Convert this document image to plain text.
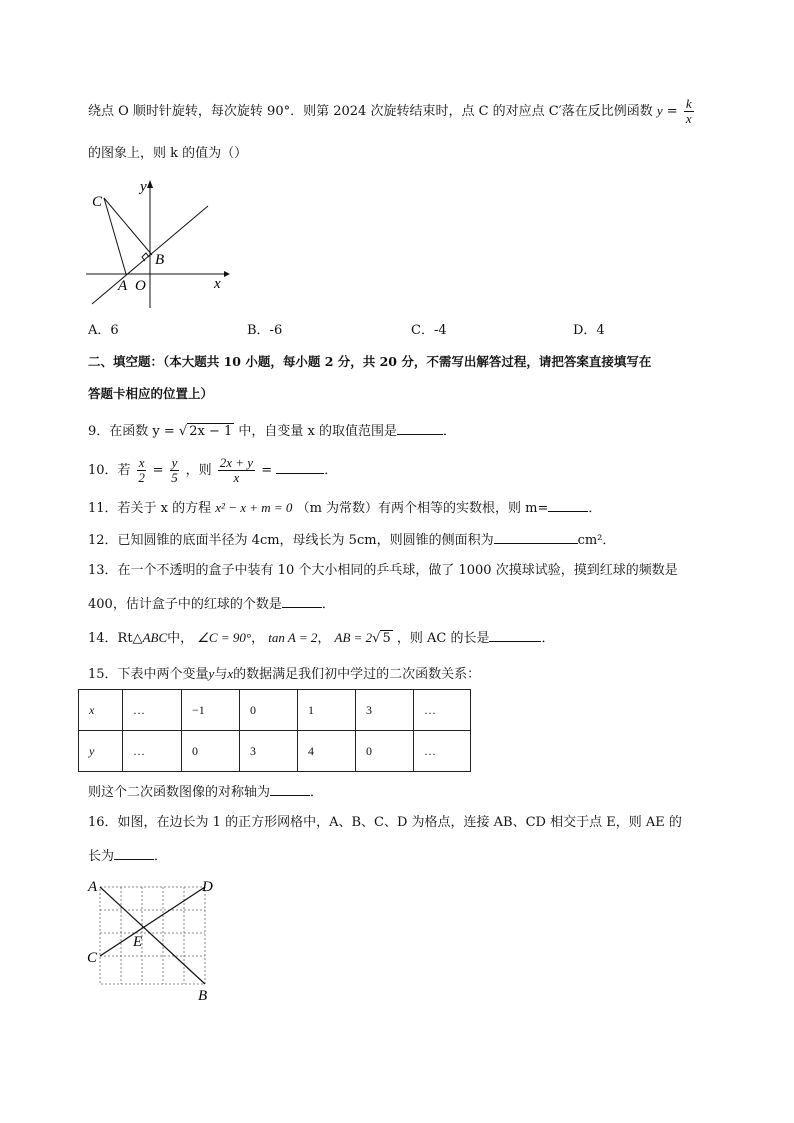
绕点 O 顺时针旋转，每次旋转 90°．则第 2024 次旋转结束时，点 C 的对应点 C′落在反比例函数 $y = \frac{k}{x}$
的图象上，则 k 的值为（）
C
y
B
A O	x
A．6	B．-6	C．-4	D．4
二、填空题：（本大题共 10 小题，每小题 2 分，共 20 分，不需写出解答过程，请把答案直接填写在
答题卡相应的位置上）
9．在函数 y = √ 2x − 1 中，自变量 x 的取值范围是	．
10．若 $\frac{x}{2} = \frac{y}{5}$ ，则 $\frac{2x + y}{x}$ =	．
11．若关于 x 的方程 x² − x + m = 0 （m 为常数）有两个相等的实数根，则 m=	．
12．已知圆锥的底面半径为 4cm，母线长为 5cm，则圆锥的侧面积为	cm²．
13．在一个不透明的盒子中装有 10 个大小相同的乒乓球，做了 1000 次摸球试验，摸到红球的频数是
400，估计盒子中的红球的个数是	．
14．Rt△ABC中， ∠C = 90°， tan A = 2， AB = 2√ 5 ，则 AC 的长是	．
15．下表中两个变量y与x的数据满足我们初中学过的二次函数关系：
x	…	−1	0	1	3	…
y	…	0	3	4	0	…
则这个二次函数图像的对称轴为	．
16．如图，在边长为 1 的正方形网格中，A、B、C、D 为格点，连接 AB、CD 相交于点 E，则 AE 的
长为	．
A	D
E
C
B
